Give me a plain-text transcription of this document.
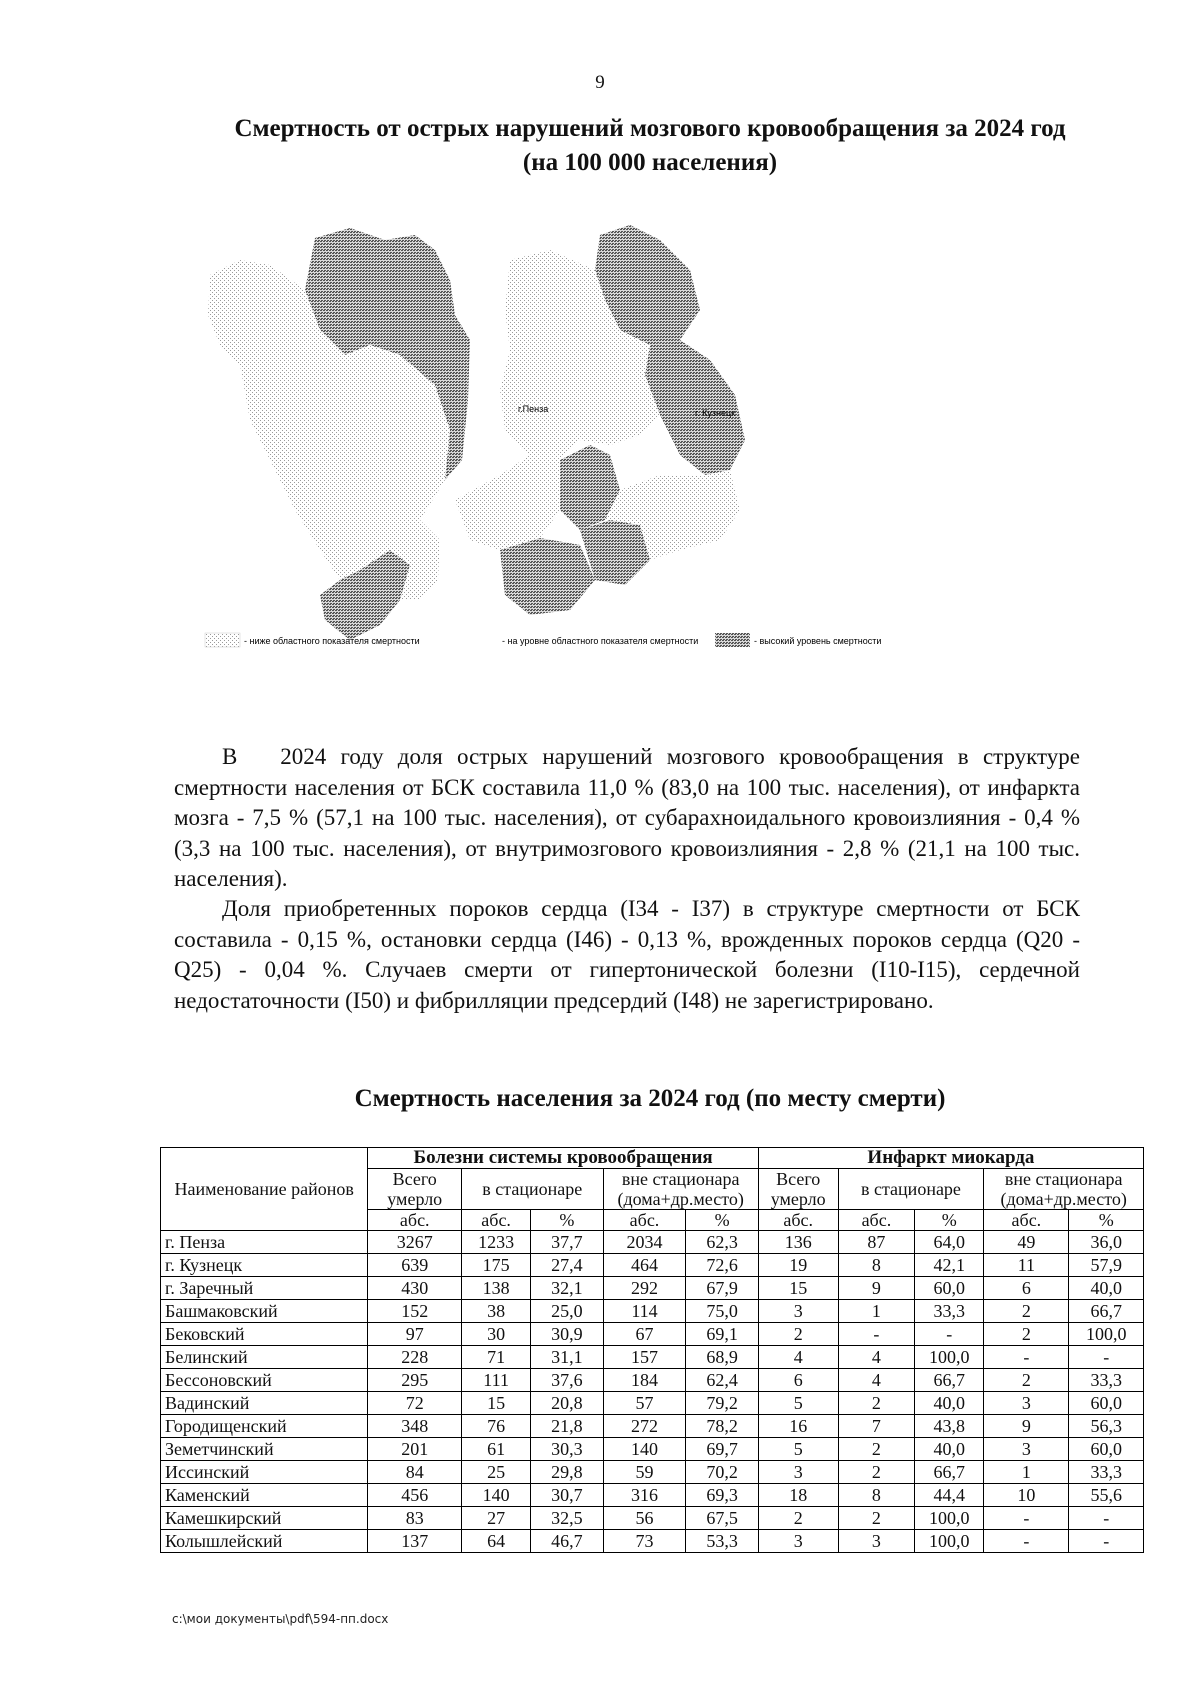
9
Смертность от острых нарушений мозгового кровообращения за 2024 год
(на 100 000 населения)
г.Пенза	г. Кузнецк
- ниже областного показателя смертности	- на уровне областного показателя смертности	- высокий уровень смертности

В 2024 году доля острых нарушений мозгового кровообращения в структуре смертности населения от БСК составила 11,0 % (83,0 на 100 тыс. населения), от инфаркта мозга - 7,5 % (57,1 на 100 тыс. населения), от субарахноидального кровоизлияния - 0,4 % (3,3 на 100 тыс. населения), от внутримозгового кровоизлияния - 2,8 % (21,1 на 100 тыс. населения).

Доля приобретенных пороков сердца (I34 - I37) в структуре смертности от БСК составила - 0,15 %, остановки сердца (I46) - 0,13 %, врожденных пороков сердца (Q20 - Q25) - 0,04 %. Случаев смерти от гипертонической болезни (I10-I15), сердечной недостаточности (I50) и фибрилляции предсердий (I48) не зарегистрировано.

Смертность населения за 2024 год (по месту смерти)
Наименование районов	Болезни системы кровообращения					Инфаркт миокарда				
	Всего умерло	в стационаре		вне стационара (дома+др.место)		Всего умерло	в стационаре		вне стационара (дома+др.место)	
	абс.	абс.	%	абс.	%	абс.	абс.	%	абс.	%
г. Пенза	3267	1233	37,7	2034	62,3	136	87	64,0	49	36,0
г. Кузнецк	639	175	27,4	464	72,6	19	8	42,1	11	57,9
г. Заречный	430	138	32,1	292	67,9	15	9	60,0	6	40,0
Башмаковский	152	38	25,0	114	75,0	3	1	33,3	2	66,7
Бековский	97	30	30,9	67	69,1	2	-	-	2	100,0
Белинский	228	71	31,1	157	68,9	4	4	100,0	-	-
Бессоновский	295	111	37,6	184	62,4	6	4	66,7	2	33,3
Вадинский	72	15	20,8	57	79,2	5	2	40,0	3	60,0
Городищенский	348	76	21,8	272	78,2	16	7	43,8	9	56,3
Земетчинский	201	61	30,3	140	69,7	5	2	40,0	3	60,0
Иссинский	84	25	29,8	59	70,2	3	2	66,7	1	33,3
Каменский	456	140	30,7	316	69,3	18	8	44,4	10	55,6
Камешкирский	83	27	32,5	56	67,5	2	2	100,0	-	-
Колышлейский	137	64	46,7	73	53,3	3	3	100,0	-	-
c:\мои документы\pdf\594-пп.docx
